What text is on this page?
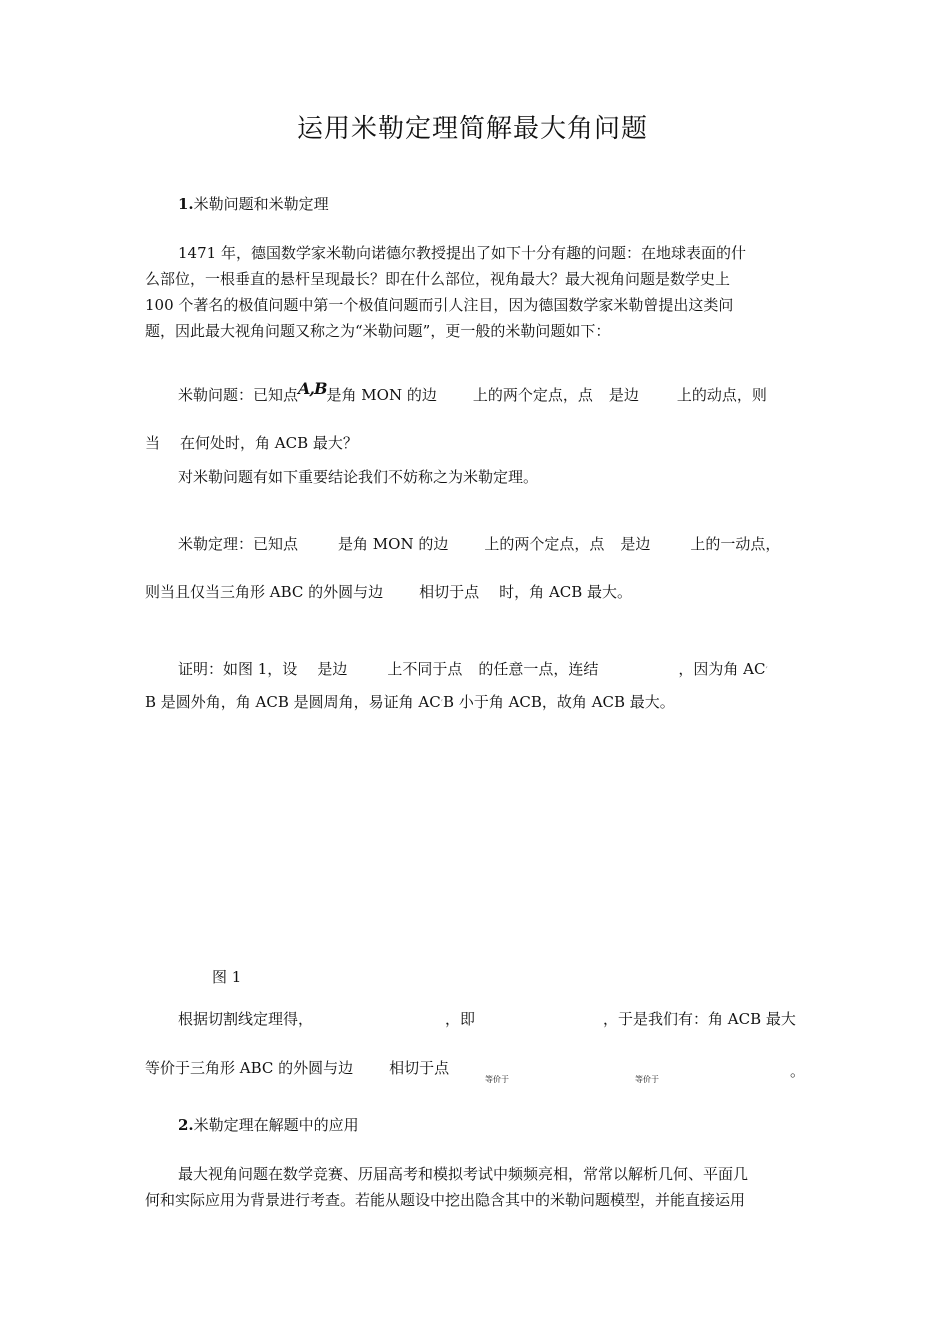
运用米勒定理简解最大角问题
1.米勒问题和米勒定理
1471 年，德国数学家米勒向诺德尔教授提出了如下十分有趣的问题：在地球表面的什
么部位，一根垂直的悬杆呈现最长？即在什么部位，视角最大？最大视角问题是数学史上
100 个著名的极值问题中第一个极值问题而引人注目，因为德国数学家米勒曾提出这类问
题，因此最大视角问题又称之为“米勒问题”，更一般的米勒问题如下：
米勒问题：已知点A,B是角 MON 的边 上的两个定点，点 是边	上的动点，则
当 在何处时，角 ACB 最大？
对米勒问题有如下重要结论我们不妨称之为米勒定理。
米勒定理：已知点	是角 MON 的边 上的两个定点，点 是边	上的一动点，
则当且仅当三角形 ABC 的外圆与边 相切于点 时，角 ACB 最大。
证明：如图 1，设 是边	上不同于点 的任意一点，连结	，因为角 AC′
B 是圆外角，角 ACB 是圆周角，易证角 AC′B 小于角 ACB，故角 ACB 最大。
图 1
根据切割线定理得，	，即	，于是我们有：角 ACB 最大
等价于三角形 ABC 的外圆与边 相切于点
等价于	等价于	。
2.米勒定理在解题中的应用
最大视角问题在数学竞赛、历届高考和模拟考试中频频亮相，常常以解析几何、平面几
何和实际应用为背景进行考查。若能从题设中挖出隐含其中的米勒问题模型，并能直接运用
